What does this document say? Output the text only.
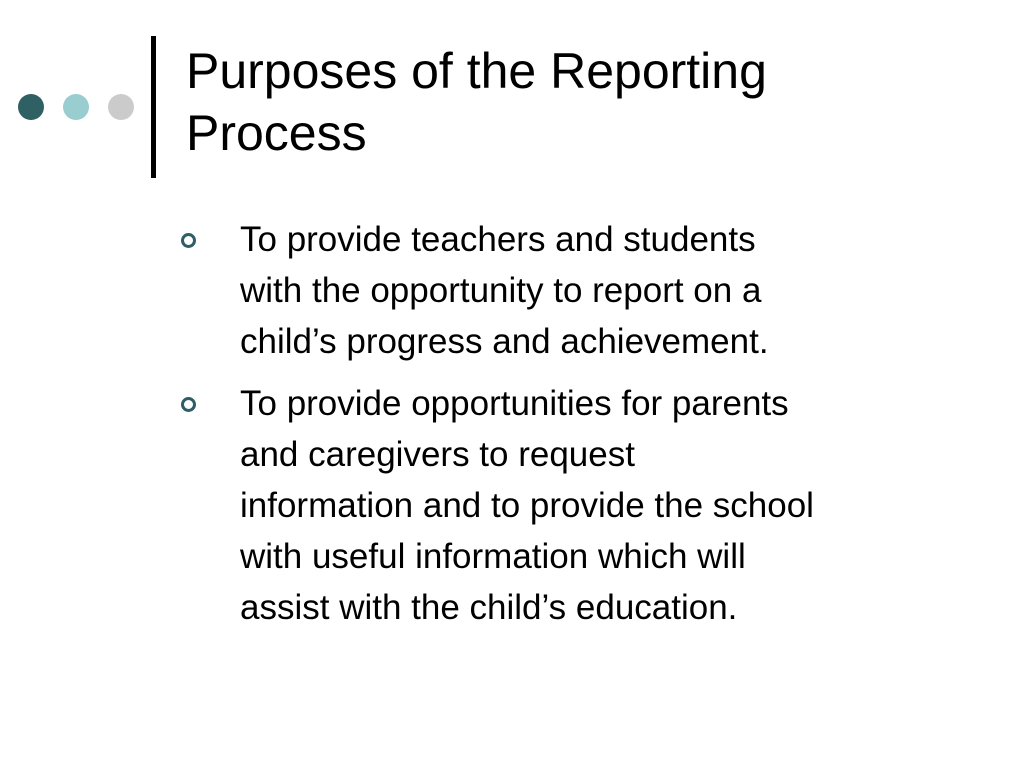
Purposes of the Reporting
Process
To provide teachers and students
with the opportunity to report on a
child’s progress and achievement.
To provide opportunities for parents
and caregivers to request
information and to provide the school
with useful information which will
assist with the child’s education.
